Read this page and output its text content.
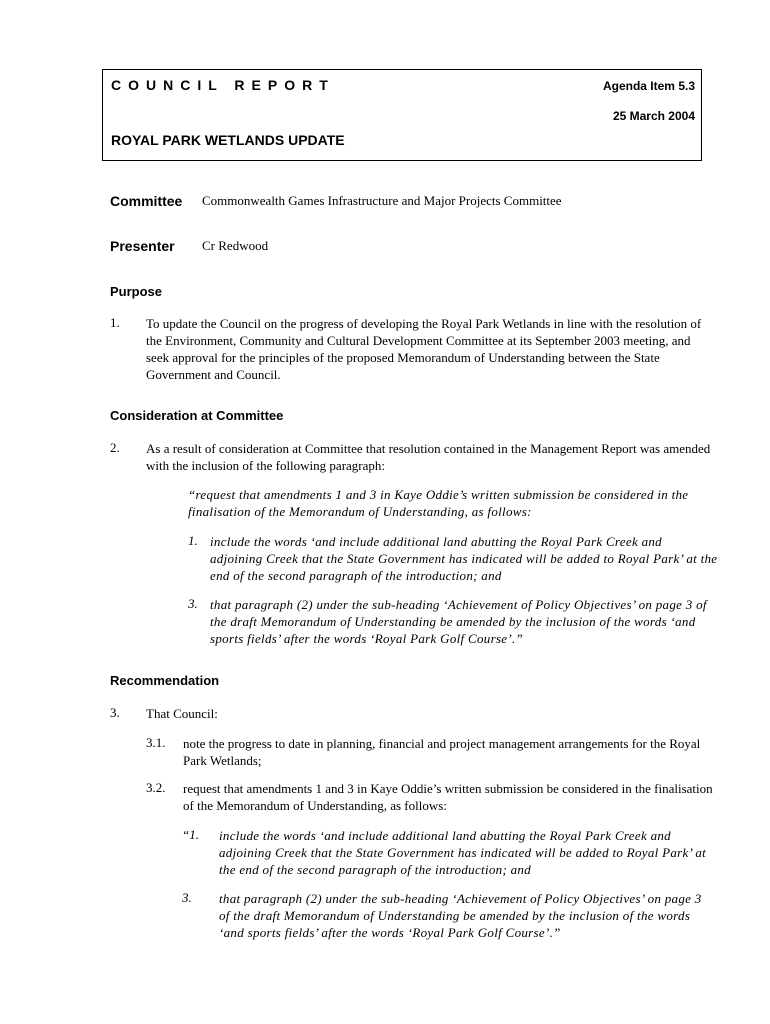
COUNCIL REPORT	Agenda Item 5.3
25 March 2004
ROYAL PARK WETLANDS UPDATE
Committee Commonwealth Games Infrastructure and Major Projects Committee
Presenter Cr Redwood
Purpose
1. To update the Council on the progress of developing the Royal Park Wetlands in line with the resolution of the Environment, Community and Cultural Development Committee at its September 2003 meeting, and seek approval for the principles of the proposed Memorandum of Understanding between the State Government and Council.
Consideration at Committee
2. As a result of consideration at Committee that resolution contained in the Management Report was amended with the inclusion of the following paragraph:
“request that amendments 1 and 3 in Kaye Oddie’s written submission be considered in the finalisation of the Memorandum of Understanding, as follows:
1. include the words ‘and include additional land abutting the Royal Park Creek and adjoining Creek that the State Government has indicated will be added to Royal Park’ at the end of the second paragraph of the introduction; and
3. that paragraph (2) under the sub-heading ‘Achievement of Policy Objectives’ on page 3 of the draft Memorandum of Understanding be amended by the inclusion of the words ‘and sports fields’ after the words ‘Royal Park Golf Course’.”
Recommendation
3. That Council:
3.1. note the progress to date in planning, financial and project management arrangements for the Royal Park Wetlands;
3.2. request that amendments 1 and 3 in Kaye Oddie’s written submission be considered in the finalisation of the Memorandum of Understanding, as follows:
“1. include the words ‘and include additional land abutting the Royal Park Creek and adjoining Creek that the State Government has indicated will be added to Royal Park’ at the end of the second paragraph of the introduction; and
3. that paragraph (2) under the sub-heading ‘Achievement of Policy Objectives’ on page 3 of the draft Memorandum of Understanding be amended by the inclusion of the words ‘and sports fields’ after the words ‘Royal Park Golf Course’.”
